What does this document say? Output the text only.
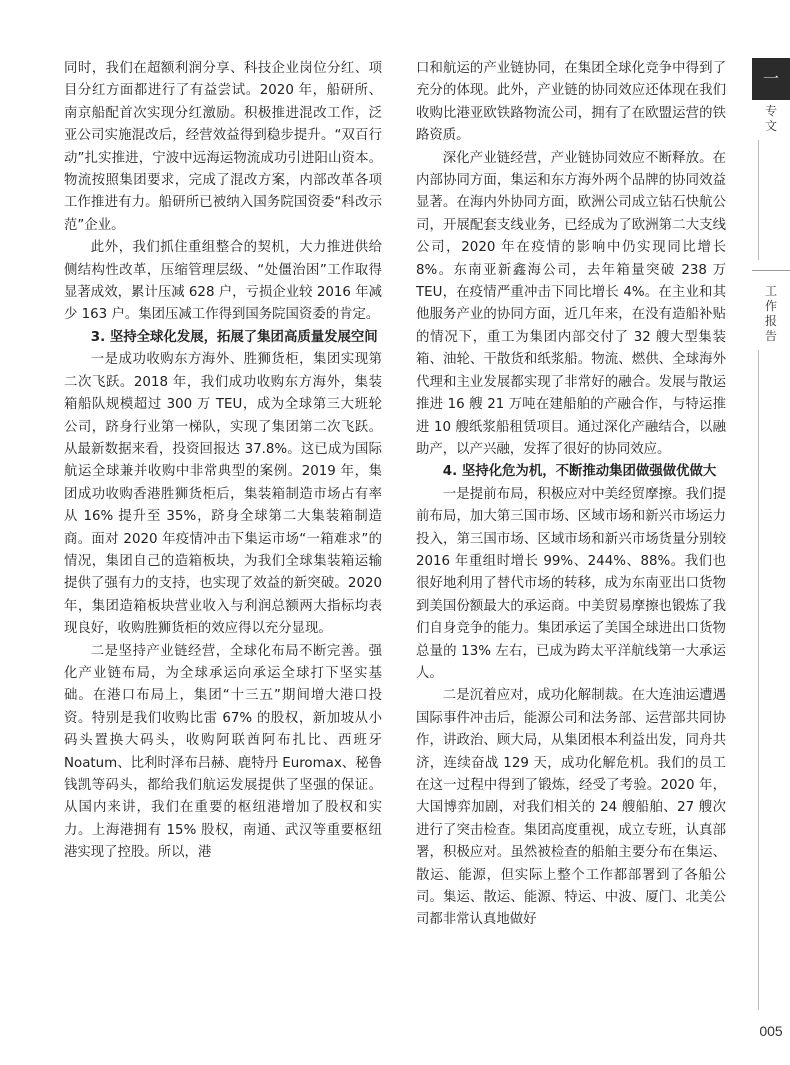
同时，我们在超额利润分享、科技企业岗位分红、项目分红方面都进行了有益尝试。2020 年，船研所、南京船配首次实现分红激励。积极推进混改工作，泛亚公司实施混改后，经营效益得到稳步提升。“双百行动”扎实推进，宁波中远海运物流成功引进阳山资本。物流按照集团要求，完成了混改方案，内部改革各项工作推进有力。船研所已被纳入国务院国资委“科改示范”企业。

此外，我们抓住重组整合的契机，大力推进供给侧结构性改革，压缩管理层级、“处僵治困”工作取得显著成效，累计压减 628 户，亏损企业较 2016 年减少 163 户。集团压减工作得到国务院国资委的肯定。

3. 坚持全球化发展，拓展了集团高质量发展空间

一是成功收购东方海外、胜狮货柜，集团实现第二次飞跃。2018 年，我们成功收购东方海外，集装箱船队规模超过 300 万 TEU，成为全球第三大班轮公司，跻身行业第一梯队，实现了集团第二次飞跃。从最新数据来看，投资回报达 37.8%。这已成为国际航运全球兼并收购中非常典型的案例。2019 年，集团成功收购香港胜狮货柜后，集装箱制造市场占有率从 16% 提升至 35%，跻身全球第二大集装箱制造商。面对 2020 年疫情冲击下集运市场“一箱难求”的情况，集团自己的造箱板块，为我们全球集装箱运输提供了强有力的支持，也实现了效益的新突破。2020 年，集团造箱板块营业收入与利润总额两大指标均表现良好，收购胜狮货柜的效应得以充分显现。

二是坚持产业链经营，全球化布局不断完善。强化产业链布局，为全球承运向承运全球打下坚实基础。在港口布局上，集团“十三五”期间增大港口投资。特别是我们收购比雷 67% 的股权，新加坡从小码头置换大码头，收购阿联酋阿布扎比、西班牙 Noatum、比利时泽布吕赫、鹿特丹 Euromax、秘鲁钱凯等码头，都给我们航运发展提供了坚强的保证。从国内来讲，我们在重要的枢纽港增加了股权和实力。上海港拥有 15% 股权，南通、武汉等重要枢纽港实现了控股。所以，港

口和航运的产业链协同，在集团全球化竞争中得到了充分的体现。此外，产业链的协同效应还体现在我们收购比港亚欧铁路物流公司，拥有了在欧盟运营的铁路资质。

深化产业链经营，产业链协同效应不断释放。在内部协同方面，集运和东方海外两个品牌的协同效益显著。在海内外协同方面，欧洲公司成立钻石快航公司，开展配套支线业务，已经成为了欧洲第二大支线公司，2020 年在疫情的影响中仍实现同比增长 8%。东南亚新鑫海公司，去年箱量突破 238 万 TEU，在疫情严重冲击下同比增长 4%。在主业和其他服务产业的协同方面，近几年来，在没有造船补贴的情况下，重工为集团内部交付了 32 艘大型集装箱、油轮、干散货和纸浆船。物流、燃供、全球海外代理和主业发展都实现了非常好的融合。发展与散运推进 16 艘 21 万吨在建船舶的产融合作，与特运推进 10 艘纸浆船租赁项目。通过深化产融结合，以融助产，以产兴融，发挥了很好的协同效应。

4. 坚持化危为机，不断推动集团做强做优做大

一是提前布局，积极应对中美经贸摩擦。我们提前布局，加大第三国市场、区域市场和新兴市场运力投入，第三国市场、区域市场和新兴市场货量分别较 2016 年重组时增长 99%、244%、88%。我们也很好地利用了替代市场的转移，成为东南亚出口货物到美国份额最大的承运商。中美贸易摩擦也锻炼了我们自身竞争的能力。集团承运了美国全球进出口货物总量的 13% 左右，已成为跨太平洋航线第一大承运人。

二是沉着应对，成功化解制裁。在大连油运遭遇国际事件冲击后，能源公司和法务部、运营部共同协作，讲政治、顾大局，从集团根本利益出发，同舟共济，连续奋战 129 天，成功化解危机。我们的员工在这一过程中得到了锻炼，经受了考验。2020 年，大国博弈加剧，对我们相关的 24 艘船舶、27 艘次进行了突击检查。集团高度重视，成立专班，认真部署，积极应对。虽然被检查的船舶主要分布在集运、散运、能源，但实际上整个工作都部署到了各船公司。集运、散运、能源、特运、中波、厦门、北美公司都非常认真地做好

一
专
文
工
作
报
告
005
